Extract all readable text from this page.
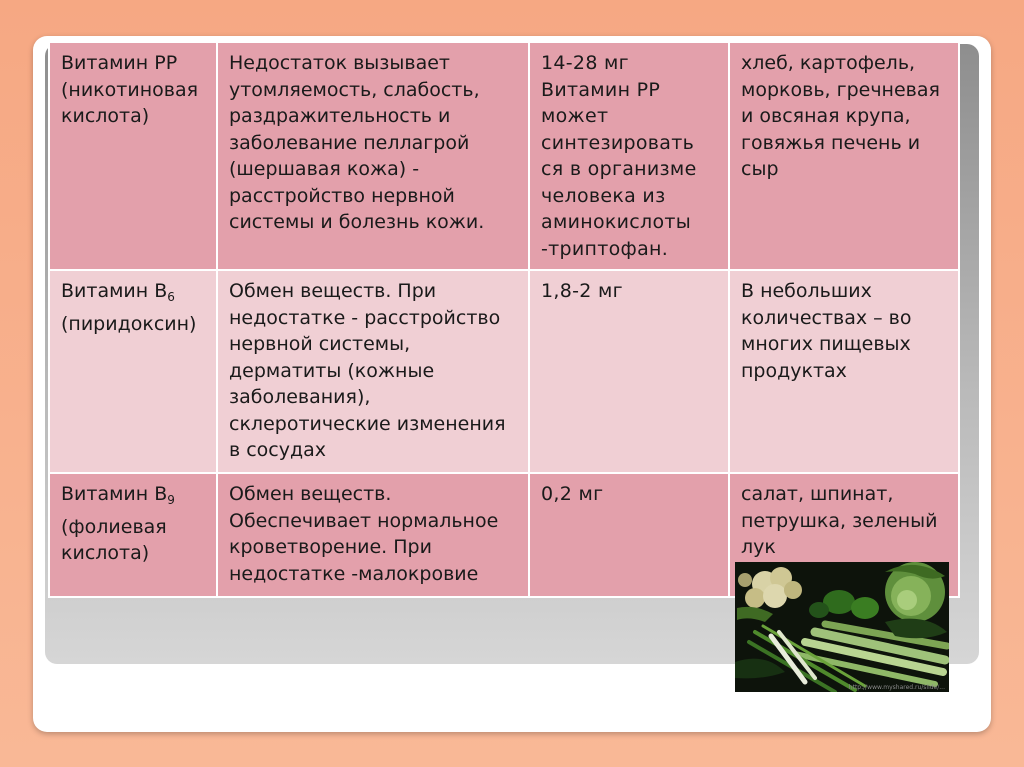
Витамин PP
(никотиновая кислота)	Недостаток вызывает утомляемость, слабость, раздражительность и заболевание пеллагрой (шершавая кожа) - расстройство нервной системы и болезнь кожи.	14-28 мг Витамин PP может синтезировать ся в организме человека из аминокислоты -триптофан.	хлеб, картофель, морковь, гречневая и овсяная крупа, говяжья печень и сыр
Витамин $B_6$
(пиридоксин)	Обмен веществ. При недостатке - расстройство нервной системы, дерматиты (кожные заболевания), склеротические изменения в сосудах	1,8-2 мг	В небольших количествах – во многих пищевых продуктах
Витамин $B_9$
(фолиевая кислота)	Обмен веществ. Обеспечивает нормальное кроветворение. При недостатке -малокровие	0,2 мг	салат, шпинат, петрушка, зеленый лук
http://www.myshared.ru/slide/...
